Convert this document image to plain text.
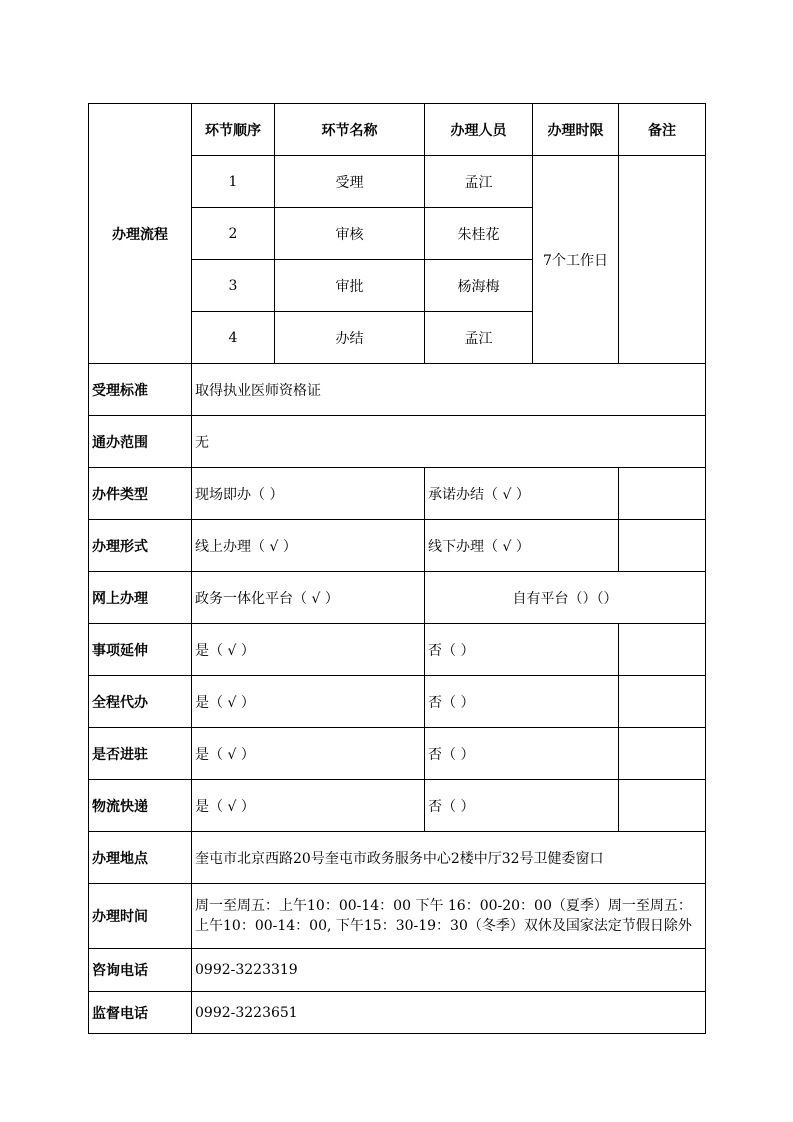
办理流程	环节顺序	环节名称	办理人员	办理时限	备注
	1	受理	孟江	7个工作日	
	2	审核	朱桂花		
	3	审批	杨海梅		
	4	办结	孟江		
受理标准	取得执业医师资格证				
通办范围	无				
办件类型	现场即办（ ）		承诺办结（ √ ）		
办理形式	线上办理（ √ ）		线下办理（ √ ）		
网上办理	政务一体化平台（ √ ）		自有平台（）（）		
事项延伸	是（ √ ）		否（ ）		
全程代办	是（ √ ）		否（ ）		
是否进驻	是（ √ ）		否（ ）		
物流快递	是（ √ ）		否（ ）		
办理地点	奎屯市北京西路20号奎屯市政务服务中心2楼中厅32号卫健委窗口				
办理时间	周一至周五：上午10：00-14：00 下午 16：00-20：00（夏季）周一至周五：上午10：00-14：00, 下午15：30-19：30（冬季）双休及国家法定节假日除外				
咨询电话	0992-3223319				
监督电话	0992-3223651				
